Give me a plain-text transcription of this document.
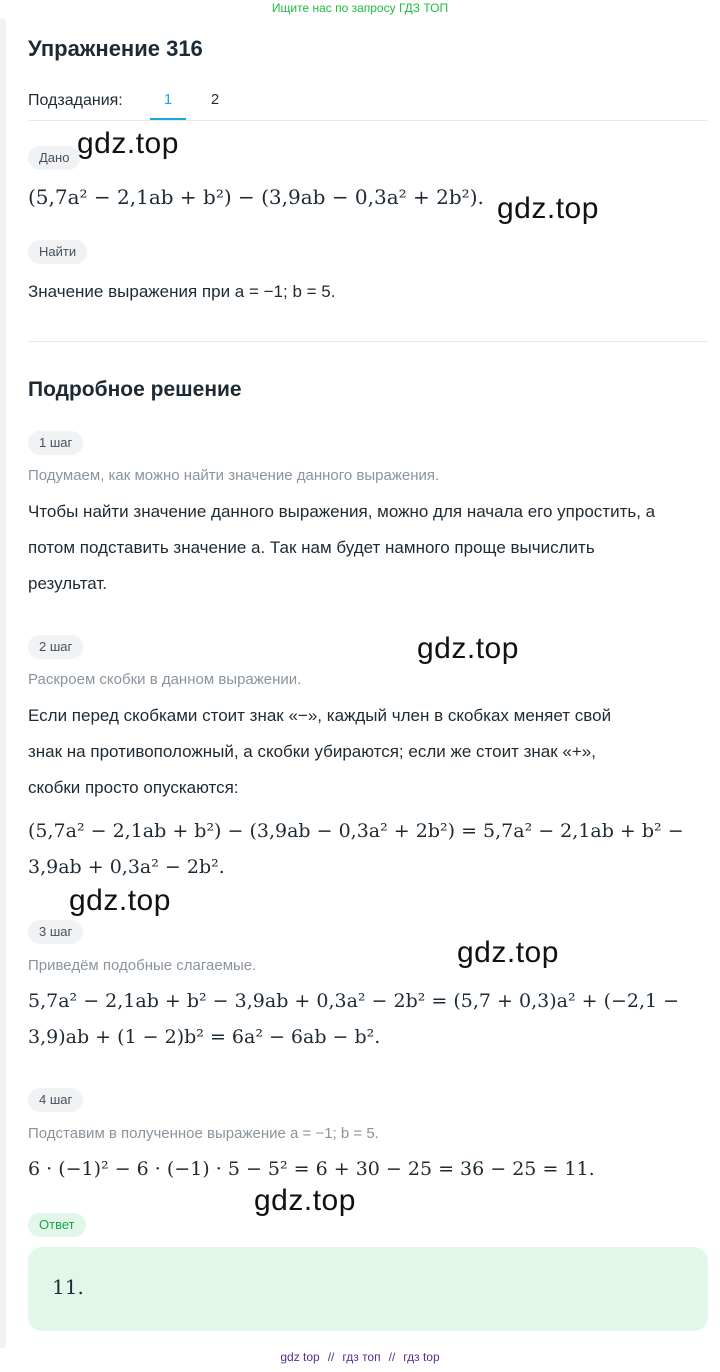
Ищите нас по запросу ГДЗ ТОП
Упражнение 316
Подзадания:	1	2
Дано
(5,7a² − 2,1ab + b²) − (3,9ab − 0,3a² + 2b²).
Найти
Значение выражения при a = −1; b = 5.
Подробное решение
1 шаг
Подумаем, как можно найти значение данного выражения.
Чтобы найти значение данного выражения, можно для начала его упростить, а
потом подставить значение a. Так нам будет намного проще вычислить
результат.
2 шаг
Раскроем скобки в данном выражении.
Если перед скобками стоит знак «−», каждый член в скобках меняет свой
знак на противоположный, а скобки убираются; если же стоит знак «+»,
скобки просто опускаются:
(5,7a² − 2,1ab + b²) − (3,9ab − 0,3a² + 2b²) = 5,7a² − 2,1ab + b² −
3,9ab + 0,3a² − 2b².
3 шаг
Приведём подобные слагаемые.
5,7a² − 2,1ab + b² − 3,9ab + 0,3a² − 2b² = (5,7 + 0,3)a² + (−2,1 −
3,9)ab + (1 − 2)b² = 6a² − 6ab − b².
4 шаг
Подставим в полученное выражение a = −1; b = 5.
6 · (−1)² − 6 · (−1) · 5 − 5² = 6 + 30 − 25 = 36 − 25 = 11.
Ответ
11.
gdz.top
gdz.top
gdz.top
gdz.top
gdz.top
gdz.top
gdz top // гдз топ // гдз top
